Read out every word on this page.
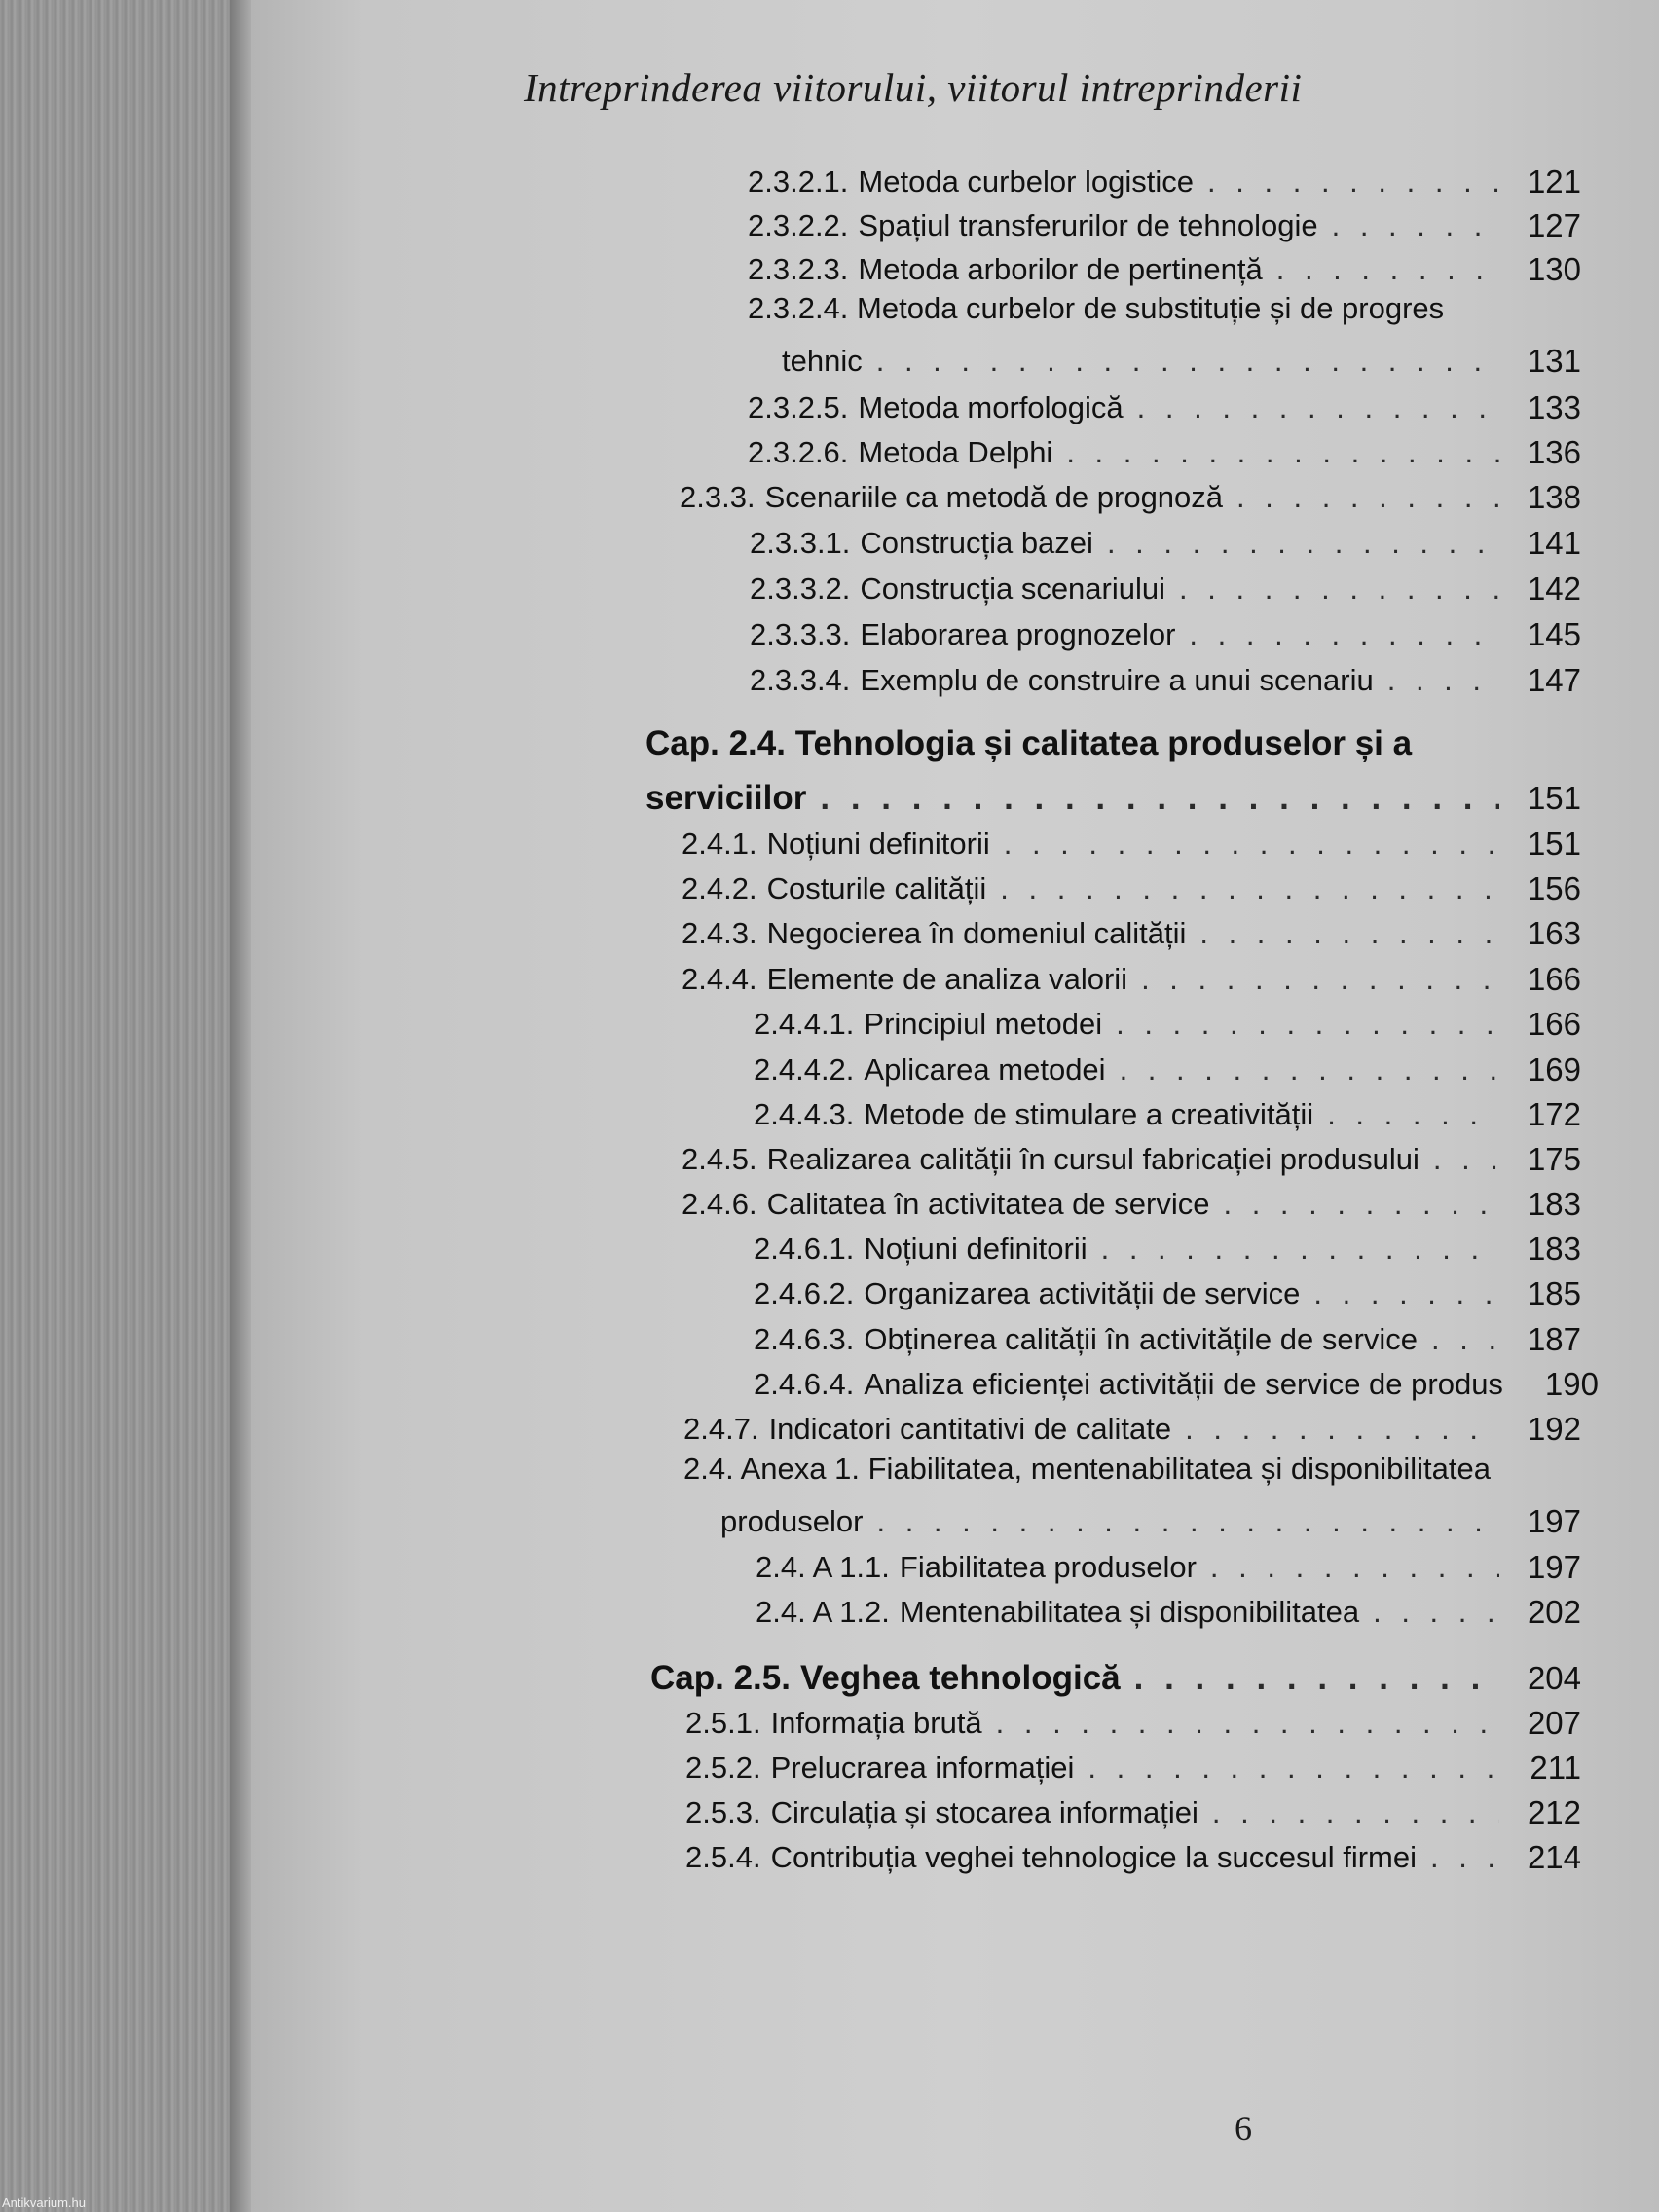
Intreprinderea viitorului, viitorul intreprinderii
2.3.2.1. Metoda curbelor logistice . . .	121
2.3.2.2. Spațiul transferurilor de tehnologie . . .	127
2.3.2.3. Metoda arborilor de pertinență . . .	130
2.3.2.4. Metoda curbelor de substituție și de progres
tehnic . . .	131
2.3.2.5. Metoda morfologică . . .	133
2.3.2.6. Metoda Delphi . . .	136
2.3.3. Scenariile ca metodă de prognoză . . .	138
2.3.3.1. Construcția bazei . . .	141
2.3.3.2. Construcția scenariului . . .	142
2.3.3.3. Elaborarea prognozelor . . .	145
2.3.3.4. Exemplu de construire a unui scenariu . . .	147
Cap. 2.4. Tehnologia și calitatea produselor și a
serviciilor . . .	151
2.4.1. Noțiuni definitorii . . .	151
2.4.2. Costurile calității . . .	156
2.4.3. Negocierea în domeniul calității . . .	163
2.4.4. Elemente de analiza valorii . . .	166
2.4.4.1. Principiul metodei . . .	166
2.4.4.2. Aplicarea metodei . . .	169
2.4.4.3. Metode de stimulare a creativității . . .	172
2.4.5. Realizarea calității în cursul fabricației produsului . . .	175
2.4.6. Calitatea în activitatea de service . . .	183
2.4.6.1. Noțiuni definitorii . . .	183
2.4.6.2. Organizarea activității de service . . .	185
2.4.6.3. Obținerea calității în activitățile de service . . .	187
2.4.6.4. Analiza eficienței activității de service de produs	190
2.4.7. Indicatori cantitativi de calitate . . .	192
2.4. Anexa 1. Fiabilitatea, mentenabilitatea și disponibilitatea
produselor . . .	197
2.4. A 1.1. Fiabilitatea produselor . . .	197
2.4. A 1.2. Mentenabilitatea și disponibilitatea . . .	202
Cap. 2.5. Veghea tehnologică . . .	204
2.5.1. Informația brută . . .	207
2.5.2. Prelucrarea informației . . .	211
2.5.3. Circulația și stocarea informației . . .	212
2.5.4. Contribuția veghei tehnologice la succesul firmei . . .	214
6
Antikvarium.hu
